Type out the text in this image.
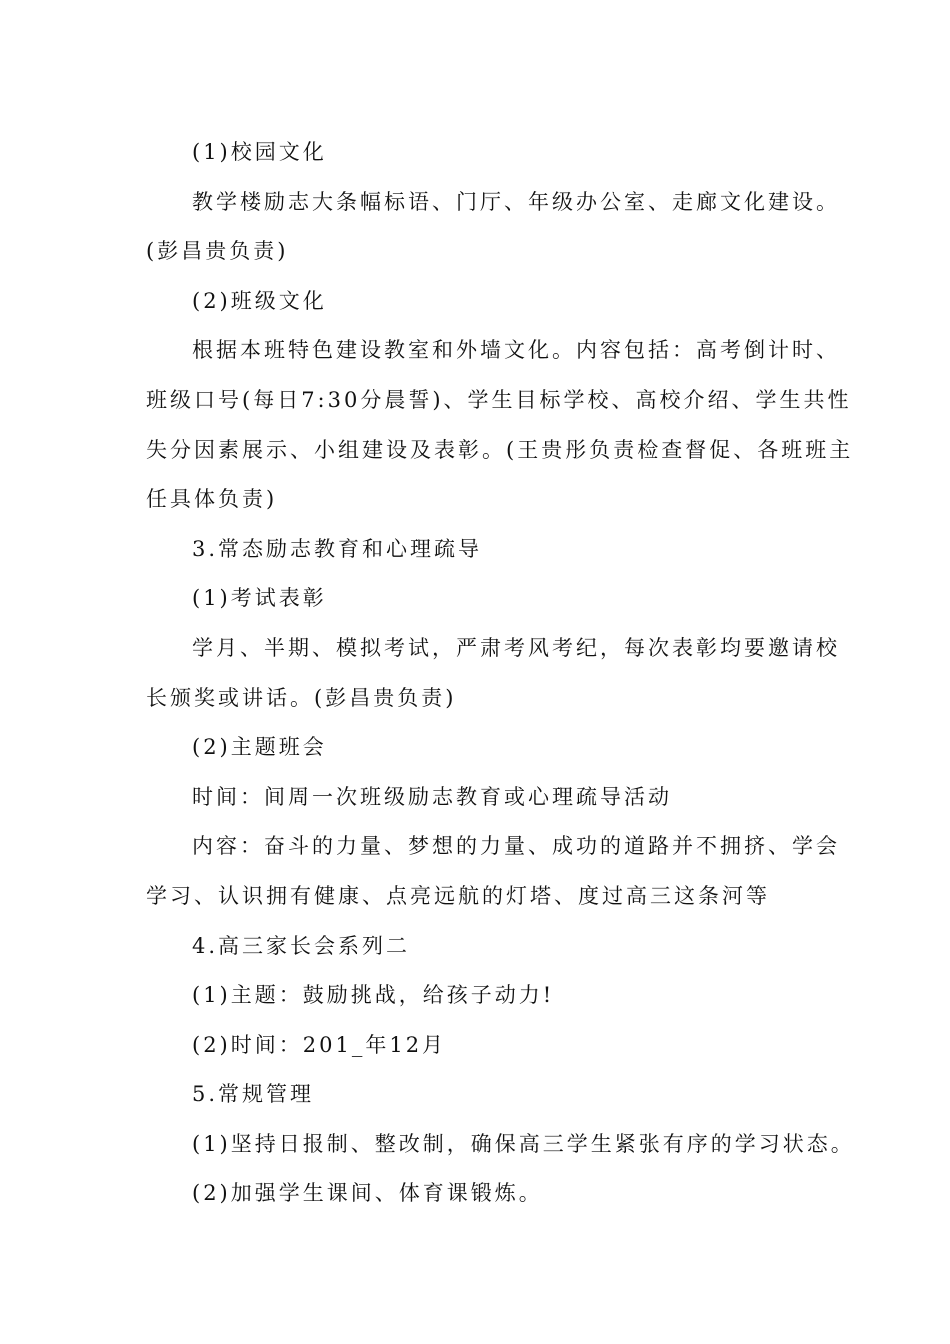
(1)校园文化
教学楼励志大条幅标语、门厅、年级办公室、走廊文化建设。
(彭昌贵负责)
(2)班级文化
根据本班特色建设教室和外墙文化。内容包括：高考倒计时、
班级口号(每日7:30分晨誓)、学生目标学校、高校介绍、学生共性
失分因素展示、小组建设及表彰。(王贵彤负责检查督促、各班班主
任具体负责)
3.常态励志教育和心理疏导
(1)考试表彰
学月、半期、模拟考试，严肃考风考纪，每次表彰均要邀请校
长颁奖或讲话。(彭昌贵负责)
(2)主题班会
时间：间周一次班级励志教育或心理疏导活动
内容：奋斗的力量、梦想的力量、成功的道路并不拥挤、学会
学习、认识拥有健康、点亮远航的灯塔、度过高三这条河等
4.高三家长会系列二
(1)主题：鼓励挑战，给孩子动力!
(2)时间：201_年12月
5.常规管理
(1)坚持日报制、整改制，确保高三学生紧张有序的学习状态。
(2)加强学生课间、体育课锻炼。
